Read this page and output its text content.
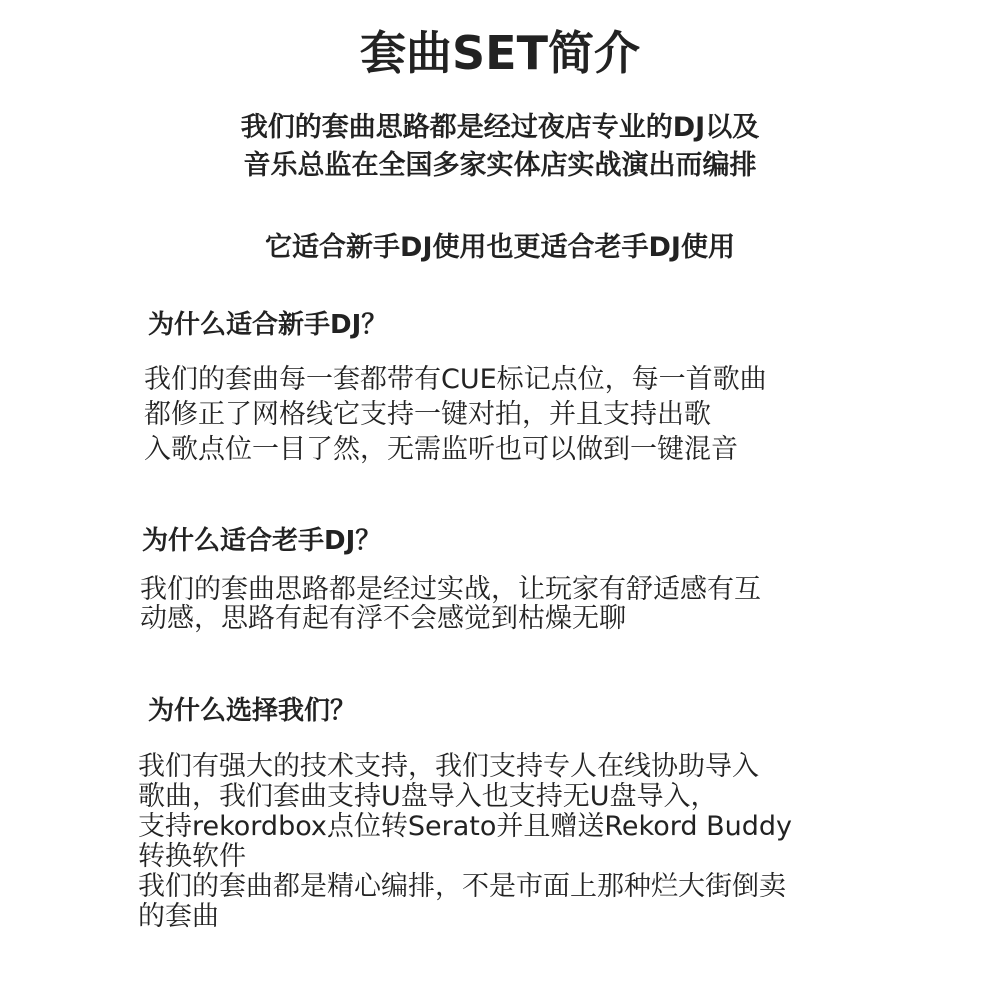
套曲SET简介
我们的套曲思路都是经过夜店专业的DJ以及
音乐总监在全国多家实体店实战演出而编排
它适合新手DJ使用也更适合老手DJ使用
为什么适合新手DJ？
我们的套曲每一套都带有CUE标记点位，每一首歌曲
都修正了网格线它支持一键对拍，并且支持出歌
入歌点位一目了然，无需监听也可以做到一键混音
为什么适合老手DJ？
我们的套曲思路都是经过实战，让玩家有舒适感有互
动感，思路有起有浮不会感觉到枯燥无聊
为什么选择我们？
我们有强大的技术支持，我们支持专人在线协助导入
歌曲，我们套曲支持U盘导入也支持无U盘导入，
支持rekordbox点位转Serato并且赠送Rekord Buddy
转换软件
我们的套曲都是精心编排，不是市面上那种烂大街倒卖
的套曲
